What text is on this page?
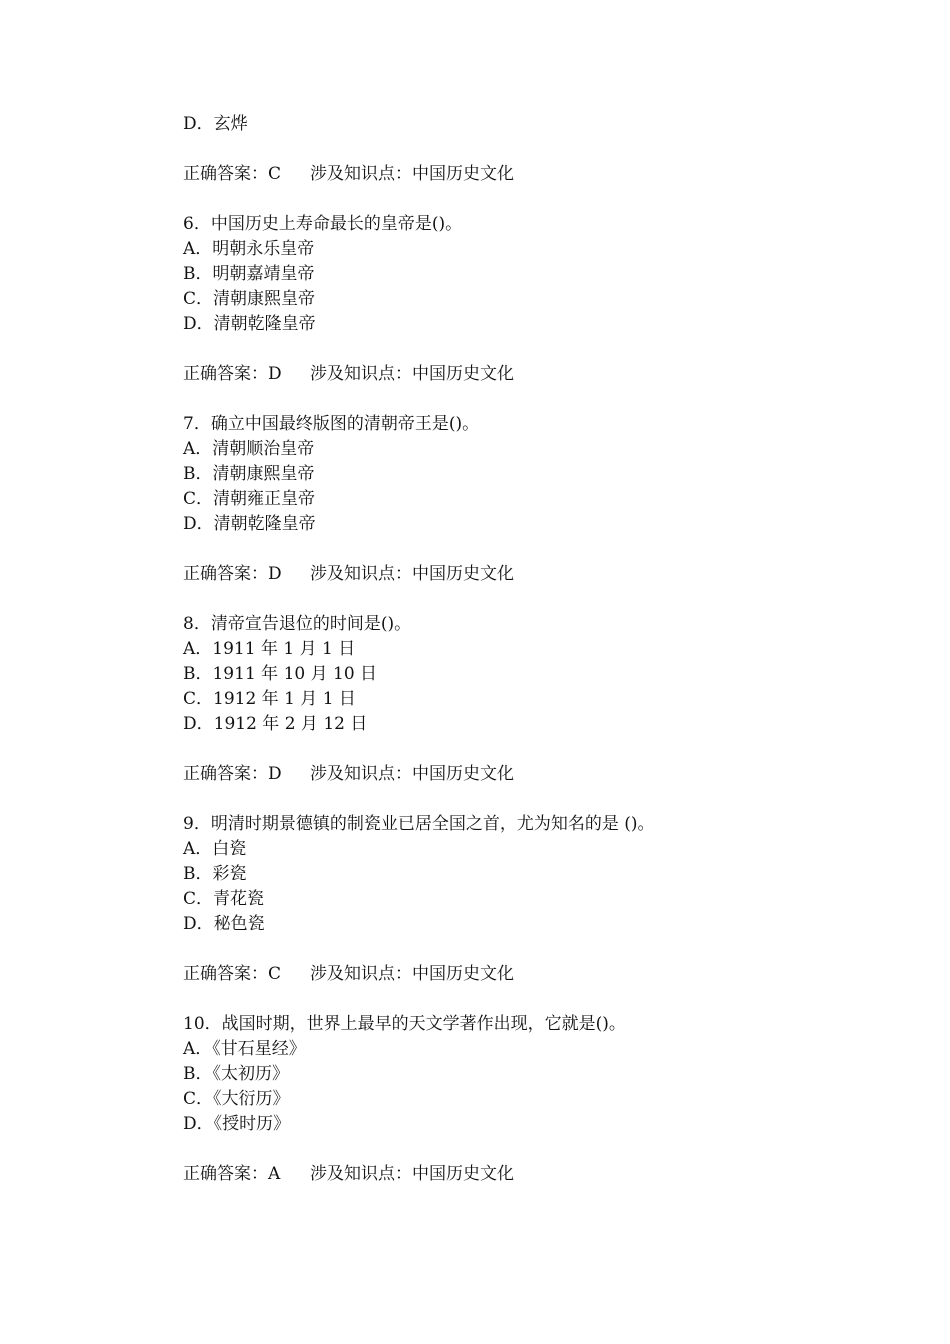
D．玄烨
正确答案：C 涉及知识点：中国历史文化
6．中国历史上寿命最长的皇帝是()。
A．明朝永乐皇帝
B．明朝嘉靖皇帝
C．清朝康熙皇帝
D．清朝乾隆皇帝
正确答案：D 涉及知识点：中国历史文化
7．确立中国最终版图的清朝帝王是()。
A．清朝顺治皇帝
B．清朝康熙皇帝
C．清朝雍正皇帝
D．清朝乾隆皇帝
正确答案：D 涉及知识点：中国历史文化
8．清帝宣告退位的时间是()。
A．1911 年 1 月 1 日
B．1911 年 10 月 10 日
C．1912 年 1 月 1 日
D．1912 年 2 月 12 日
正确答案：D 涉及知识点：中国历史文化
9．明清时期景德镇的制瓷业已居全国之首，尤为知名的是 ()。
A．白瓷
B．彩瓷
C．青花瓷
D．秘色瓷
正确答案：C 涉及知识点：中国历史文化
10．战国时期，世界上最早的天文学著作出现，它就是()。
A．《甘石星经》
B．《太初历》
C．《大衍历》
D．《授时历》
正确答案：A 涉及知识点：中国历史文化
